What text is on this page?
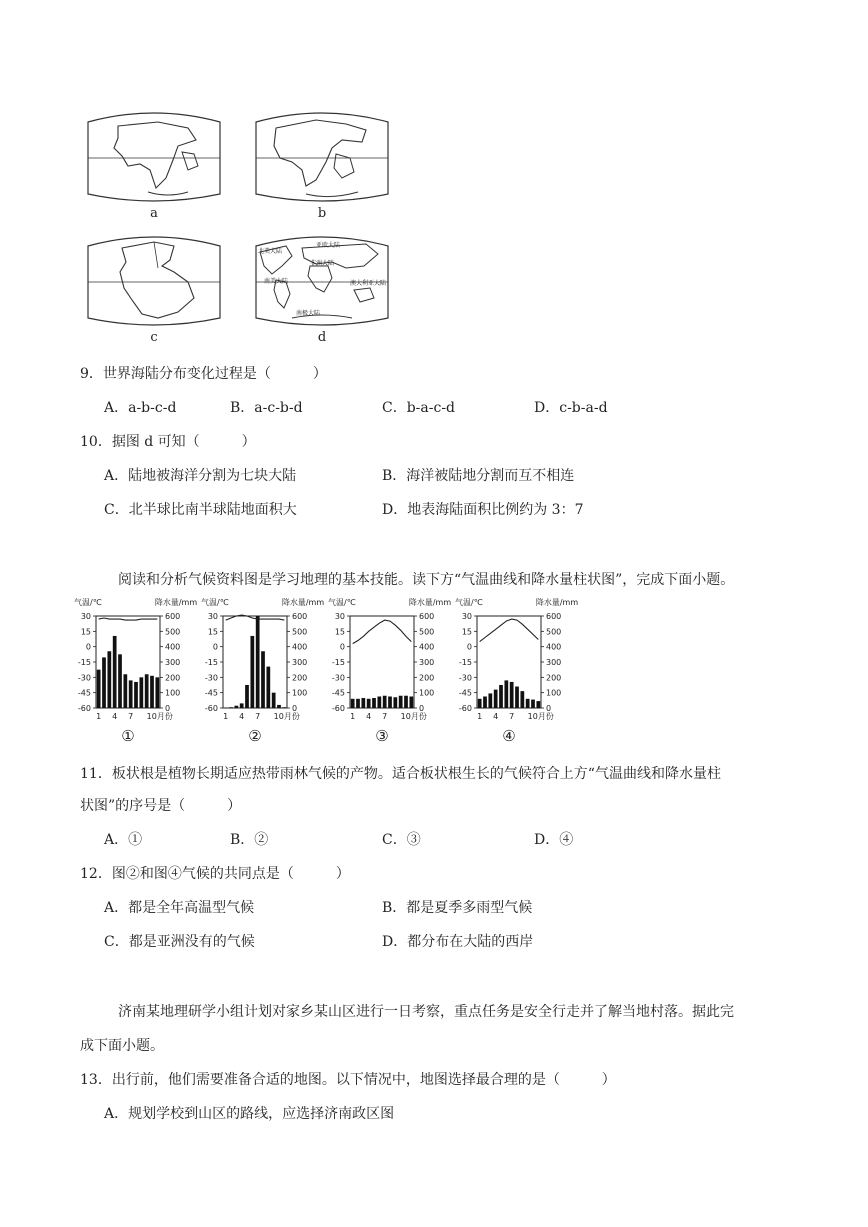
a	b
c	d
亚欧大陆
北美大陆
非洲大陆
南美大陆	澳大利亚大陆
南极大陆
9．世界海陆分布变化过程是（　　　）
A．a-b-c-d	B．a-c-b-d	C．b-a-c-d	D．c-b-a-d
10．据图 d 可知（　　　）
A．陆地被海洋分割为七块大陆	B．海洋被陆地分割而互不相连
C．北半球比南半球陆地面积大	D．地表海陆面积比例约为 3：7
阅读和分析气候资料图是学习地理的基本技能。读下方“气温曲线和降水量柱状图”，完成下面小题。
气温/℃	降水量/mm
30
15
0
-15
-30
-45
-60
600
500
400
300
200
100
0
1 4 7 10月份
①
气温/℃	降水量/mm
30
15
0
-15
-30
-45
-60
600
500
400
300
200
100
0
1 4 7 10月份
②
气温/℃	降水量/mm
30
15
0
-15
-30
-45
-60
600
500
400
300
200
100
0
1 4 7 10月份
③
气温/℃	降水量/mm
30
15
0
-15
-30
-45
-60
600
500
400
300
200
100
0
1 4 7 10月份
④
11．板状根是植物长期适应热带雨林气候的产物。适合板状根生长的气候符合上方“气温曲线和降水量柱
状图”的序号是（　　　）
A．①	B．②	C．③	D．④
12．图②和图④气候的共同点是（　　　）
A．都是全年高温型气候	B．都是夏季多雨型气候
C．都是亚洲没有的气候	D．都分布在大陆的西岸
济南某地理研学小组计划对家乡某山区进行一日考察，重点任务是安全行走并了解当地村落。据此完
成下面小题。
13．出行前，他们需要准备合适的地图。以下情况中，地图选择最合理的是（　　　）
A．规划学校到山区的路线，应选择济南政区图
